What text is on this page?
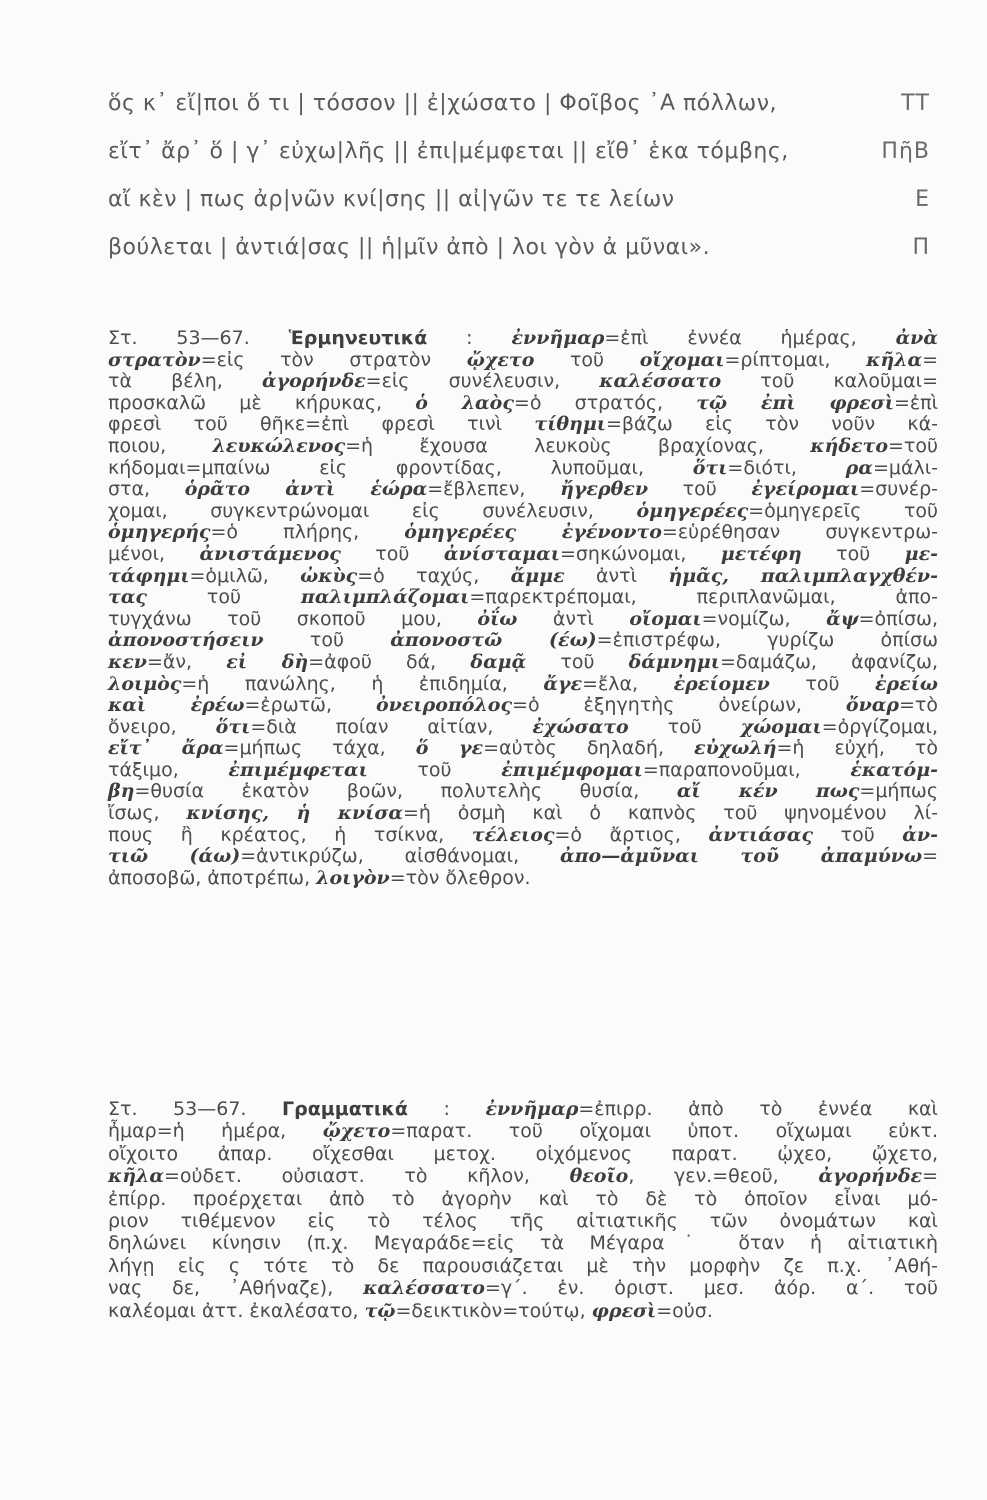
ὅς κ᾿ εἴ|ποι ὅ τι | τόσσον || ἐ|χώσατο | Φοῖβος ᾿Α πόλλων,	ΤΤ
εἴτ᾿ ἄρ᾿ ὅ | γ᾿ εὐχω|λῆς || ἐπι|μέμφεται || εἴθ᾿ ἑκα τόμβης,	ΠῆΒ
αἴ κὲν | πως ἀρ|νῶν κνί|σης || αἰ|γῶν τε τε λείων	Ε
βούλεται | ἀντιά|σας || ἡ|μῖν ἀπὸ | λοι γὸν ἀ μῦναι».	Π
Στ. 53—67. Ἑρμηνευτικά : ἐννῆμαρ=ἐπὶ ἐννέα ἡμέρας, ἀνὰ
στρατὸν=εἰς τὸν στρατὸν ᾤχετο τοῦ οἴχομαι=ρίπτομαι, κῆλα=
τὰ βέλη, ἀγορήνδε=εἰς συνέλευσιν, καλέσσατο τοῦ καλοῦμαι=
προσκαλῶ μὲ κήρυκας, ὁ λαὸς=ὁ στρατός, τῷ ἐπὶ φρεσὶ=ἐπὶ
φρεσὶ τοῦ θῆκε=ἐπὶ φρεσὶ τινὶ τίθημι=βάζω εἰς τὸν νοῦν κά-
ποιου, λευκώλενος=ἡ ἔχουσα λευκοὺς βραχίονας, κήδετο=τοῦ
κήδομαι=μπαίνω εἰς φροντίδας, λυποῦμαι, ὅτι=διότι, ρα=μάλι-
στα, ὁρᾶτο ἀντὶ ἑώρα=ἔβλεπεν, ἤγερθεν τοῦ ἐγείρομαι=συνέρ-
χομαι, συγκεντρώνομαι εἰς συνέλευσιν, ὁμηγερέες=ὁμηγερεῖς τοῦ
ὁμηγερής=ὁ πλήρης, ὁμηγερέες ἐγένοντο=εὑρέθησαν συγκεντρω-
μένοι, ἀνιστάμενος τοῦ ἀνίσταμαι=σηκώνομαι, μετέφη τοῦ με-
τάφημι=ὁμιλῶ, ὠκὺς=ὁ ταχύς, ἄμμε ἀντὶ ἡμᾶς, παλιμπλαγχθέν-
τας τοῦ παλιμπλάζομαι=παρεκτρέπομαι, περιπλανῶμαι, ἀπο-
τυγχάνω τοῦ σκοποῦ μου, ὀΐω ἀντὶ οἴομαι=νομίζω, ἄψ=ὀπίσω,
ἀπονοστήσειν τοῦ ἀπονοστῶ (έω)=ἐπιστρέφω, γυρίζω ὀπίσω
κεν=ἄν, εἰ δὴ=ἀφοῦ δά, δαμᾷ τοῦ δάμνημι=δαμάζω, ἀφανίζω,
λοιμὸς=ἡ πανώλης, ἡ ἐπιδημία, ἄγε=ἔλα, ἐρείομεν τοῦ ἐρείω
καὶ ἐρέω=ἐρωτῶ, ὀνειροπόλος=ὁ ἐξηγητὴς ὀνείρων, ὄναρ=τὸ
ὄνειρο, ὅτι=διὰ ποίαν αἰτίαν, ἐχώσατο τοῦ χώομαι=ὀργίζομαι,
εἴτ᾿ ἄρα=μήπως τάχα, ὅ γε=αὐτὸς δηλαδή, εὐχωλή=ἡ εὐχή, τὸ
τάξιμο, ἐπιμέμφεται τοῦ ἐπιμέμφομαι=παραπονοῦμαι, ἑκατόμ-
βη=θυσία ἑκατὸν βοῶν, πολυτελὴς θυσία, αἴ κέν πως=μήπως
ἴσως, κνίσης, ἡ κνίσα=ἡ ὀσμὴ καὶ ὁ καπνὸς τοῦ ψηνομένου λί-
πους ἢ κρέατος, ἡ τσίκνα, τέλειος=ὁ ἄρτιος, ἀντιάσας τοῦ ἀν-
τιῶ (άω)=ἀντικρύζω, αἰσθάνομαι, ἀπο—ἀμῦναι τοῦ ἀπαμύνω=
ἀποσοβῶ, ἀποτρέπω, λοιγὸν=τὸν ὄλεθρον.
Στ. 53—67. Γραμματικά : ἐννῆμαρ=ἐπιρρ. ἀπὸ τὸ ἐννέα καὶ
ἦμαρ=ἡ ἡμέρα, ᾤχετο=παρατ. τοῦ οἴχομαι ὑποτ. οἴχωμαι εὐκτ.
οἴχοιτο ἀπαρ. οἴχεσθαι μετοχ. οἰχόμενος παρατ. ᾠχεο, ᾤχετο,
κῆλα=οὐδετ. οὐσιαστ. τὸ κῆλον, θεοῖο, γεν.=θεοῦ, ἀγορήνδε=
ἐπίρρ. προέρχεται ἀπὸ τὸ ἀγορὴν καὶ τὸ δὲ τὸ ὁποῖον εἶναι μό-
ριον τιθέμενον εἰς τὸ τέλος τῆς αἰτιατικῆς τῶν ὀνομάτων καὶ
δηλώνει κίνησιν (π.χ. Μεγαράδε=εἰς τὰ Μέγαρα˙ ὅταν ἡ αἰτιατικὴ
λήγῃ εἰς ς τότε τὸ δε παρουσιάζεται μὲ τὴν μορφὴν ζε π.χ. ᾿Αθή-
νας δε, ᾿Αθήναζε), καλέσσατο=γ΄. ἑν. ὁριστ. μεσ. ἀόρ. α΄. τοῦ
καλέομαι ἀττ. ἐκαλέσατο, τῷ=δεικτικὸν=τούτῳ, φρεσὶ=οὐσ.
